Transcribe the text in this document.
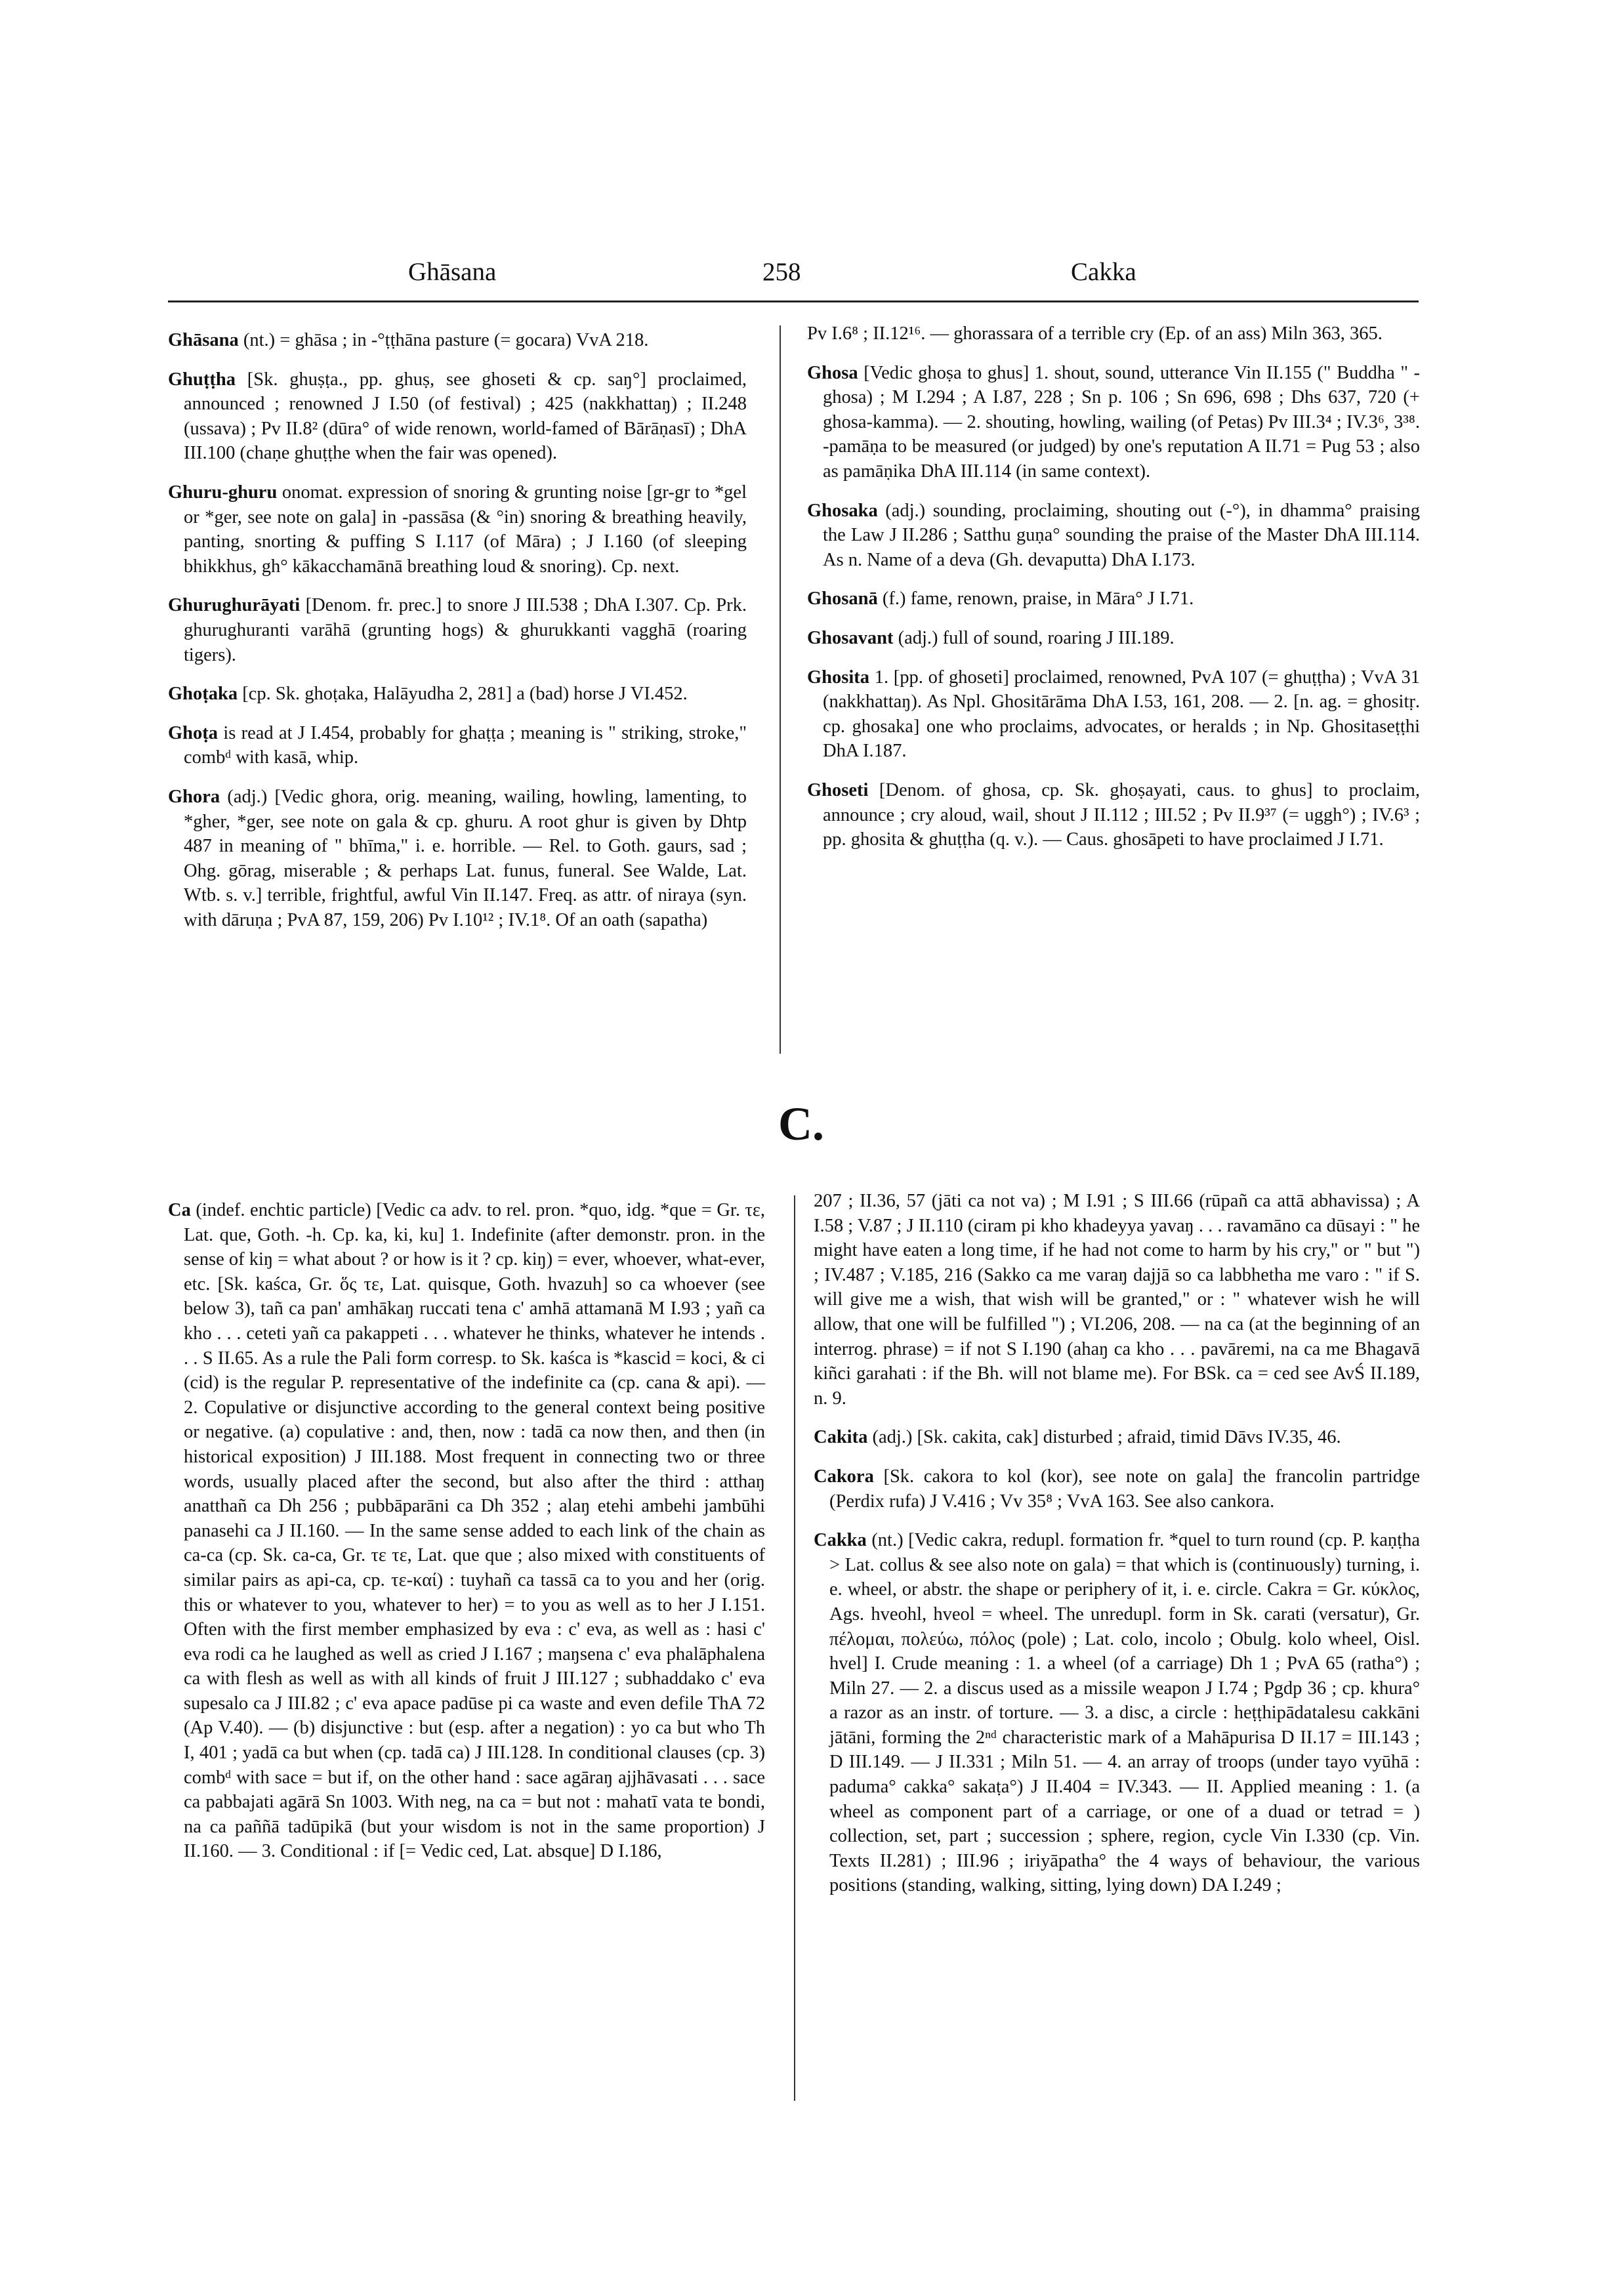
Ghāsana	258	Cakka

Ghāsana (nt.) = ghāsa ; in -°ṭṭhāna pasture (= gocara) VvA 218.

Ghuṭṭha [Sk. ghuṣṭa., pp. ghuṣ, see ghoseti & cp. saŋ°] proclaimed, announced ; renowned J I.50 (of festival) ; 425 (nakkhattaŋ) ; II.248 (ussava) ; Pv II.8² (dūra° of wide renown, world-famed of Bārāṇasī) ; DhA III.100 (chaṇe ghuṭṭhe when the fair was opened).

Ghuru-ghuru onomat. expression of snoring & grunting noise [gr-gr to *gel or *ger, see note on gala] in -passāsa (& °in) snoring & breathing heavily, panting, snorting & puffing S I.117 (of Māra) ; J I.160 (of sleeping bhikkhus, gh° kākacchamānā breathing loud & snoring). Cp. next.

Ghurughurāyati [Denom. fr. prec.] to snore J III.538 ; DhA I.307. Cp. Prk. ghurughuranti varāhā (grunting hogs) & ghurukkanti vagghā (roaring tigers).

Ghoṭaka [cp. Sk. ghoṭaka, Halāyudha 2, 281] a (bad) horse J VI.452.

Ghoṭa is read at J I.454, probably for ghaṭṭa ; meaning is " striking, stroke," combᵈ with kasā, whip.

Ghora (adj.) [Vedic ghora, orig. meaning, wailing, howling, lamenting, to *gher, *ger, see note on gala & cp. ghuru. A root ghur is given by Dhtp 487 in meaning of " bhīma," i. e. horrible. — Rel. to Goth. gaurs, sad ; Ohg. gōrag, miserable ; & perhaps Lat. funus, funeral. See Walde, Lat. Wtb. s. v.] terrible, frightful, awful Vin II.147. Freq. as attr. of niraya (syn. with dāruṇa ; PvA 87, 159, 206) Pv I.10¹² ; IV.1⁸. Of an oath (sapatha)

Pv I.6⁸ ; II.12¹⁶. — ghorassara of a terrible cry (Ep. of an ass) Miln 363, 365.

Ghosa [Vedic ghoṣa to ghus] 1. shout, sound, utterance Vin II.155 (" Buddha " -ghosa) ; M I.294 ; A I.87, 228 ; Sn p. 106 ; Sn 696, 698 ; Dhs 637, 720 (+ ghosa-kamma). — 2. shouting, howling, wailing (of Petas) Pv III.3⁴ ; IV.3⁶, 3³⁸. -pamāṇa to be measured (or judged) by one's reputation A II.71 = Pug 53 ; also as pamāṇika DhA III.114 (in same context).

Ghosaka (adj.) sounding, proclaiming, shouting out (-°), in dhamma° praising the Law J II.286 ; Satthu guṇa° sounding the praise of the Master DhA III.114. As n. Name of a deva (Gh. devaputta) DhA I.173.

Ghosanā (f.) fame, renown, praise, in Māra° J I.71.

Ghosavant (adj.) full of sound, roaring J III.189.

Ghosita 1. [pp. of ghoseti] proclaimed, renowned, PvA 107 (= ghuṭṭha) ; VvA 31 (nakkhattaŋ). As Npl. Ghositārāma DhA I.53, 161, 208. — 2. [n. ag. = ghositṛ. cp. ghosaka] one who proclaims, advocates, or heralds ; in Np. Ghositaseṭṭhi DhA I.187.

Ghoseti [Denom. of ghosa, cp. Sk. ghoṣayati, caus. to ghus] to proclaim, announce ; cry aloud, wail, shout J II.112 ; III.52 ; Pv II.9³⁷ (= uggh°) ; IV.6³ ; pp. ghosita & ghuṭṭha (q. v.). — Caus. ghosāpeti to have proclaimed J I.71.

C.

Ca (indef. enchtic particle) [Vedic ca adv. to rel. pron. *quo, idg. *que = Gr. τε, Lat. que, Goth. -h. Cp. ka, ki, ku] 1. Indefinite (after demonstr. pron. in the sense of kiŋ = what about ? or how is it ? cp. kiŋ) = ever, whoever, what-ever, etc. [Sk. kaśca, Gr. ὅς τε, Lat. quisque, Goth. hvazuh] so ca whoever (see below 3), tañ ca pan' amhākaŋ ruccati tena c' amhā attamanā M I.93 ; yañ ca kho . . . ceteti yañ ca pakappeti . . . whatever he thinks, whatever he intends . . . S II.65. As a rule the Pali form corresp. to Sk. kaśca is *kascid = koci, & ci (cid) is the regular P. representative of the indefinite ca (cp. cana & api). — 2. Copulative or disjunctive according to the general context being positive or negative. (a) copulative : and, then, now : tadā ca now then, and then (in historical exposition) J III.188. Most frequent in connecting two or three words, usually placed after the second, but also after the third : atthaŋ anatthañ ca Dh 256 ; pubbāparāni ca Dh 352 ; alaŋ etehi ambehi jambūhi panasehi ca J II.160. — In the same sense added to each link of the chain as ca-ca (cp. Sk. ca-ca, Gr. τε τε, Lat. que que ; also mixed with constituents of similar pairs as api-ca, cp. τε-καί) : tuyhañ ca tassā ca to you and her (orig. this or whatever to you, whatever to her) = to you as well as to her J I.151. Often with the first member emphasized by eva : c' eva, as well as : hasi c' eva rodi ca he laughed as well as cried J I.167 ; maŋsena c' eva phalāphalena ca with flesh as well as with all kinds of fruit J III.127 ; subhaddako c' eva supesalo ca J III.82 ; c' eva apace padūse pi ca waste and even defile ThA 72 (Ap V.40). — (b) disjunctive : but (esp. after a negation) : yo ca but who Th I, 401 ; yadā ca but when (cp. tadā ca) J III.128. In conditional clauses (cp. 3) combᵈ with sace = but if, on the other hand : sace agāraŋ ajjhāvasati . . . sace ca pabbajati agārā Sn 1003. With neg, na ca = but not : mahatī vata te bondi, na ca paññā tadūpikā (but your wisdom is not in the same proportion) J II.160. — 3. Conditional : if [= Vedic ced, Lat. absque] D I.186,

207 ; II.36, 57 (jāti ca not va) ; M I.91 ; S III.66 (rūpañ ca attā abhavissa) ; A I.58 ; V.87 ; J II.110 (ciram pi kho khadeyya yavaŋ . . . ravamāno ca dūsayi : " he might have eaten a long time, if he had not come to harm by his cry," or " but ") ; IV.487 ; V.185, 216 (Sakko ca me varaŋ dajjā so ca labbhetha me varo : " if S. will give me a wish, that wish will be granted," or : " whatever wish he will allow, that one will be fulfilled ") ; VI.206, 208. — na ca (at the beginning of an interrog. phrase) = if not S I.190 (ahaŋ ca kho . . . pavāremi, na ca me Bhagavā kiñci garahati : if the Bh. will not blame me). For BSk. ca = ced see AvŚ II.189, n. 9.

Cakita (adj.) [Sk. cakita, cak] disturbed ; afraid, timid Dāvs IV.35, 46.

Cakora [Sk. cakora to kol (kor), see note on gala] the francolin partridge (Perdix rufa) J V.416 ; Vv 35⁸ ; VvA 163. See also cankora.

Cakka (nt.) [Vedic cakra, redupl. formation fr. *quel to turn round (cp. P. kaṇṭha > Lat. collus & see also note on gala) = that which is (continuously) turning, i. e. wheel, or abstr. the shape or periphery of it, i. e. circle. Cakra = Gr. κύκλος, Ags. hveohl, hveol = wheel. The unredupl. form in Sk. carati (versatur), Gr. πέλομαι, πολεύω, πόλος (pole) ; Lat. colo, incolo ; Obulg. kolo wheel, Oisl. hvel] I. Crude meaning : 1. a wheel (of a carriage) Dh 1 ; PvA 65 (ratha°) ; Miln 27. — 2. a discus used as a missile weapon J I.74 ; Pgdp 36 ; cp. khura° a razor as an instr. of torture. — 3. a disc, a circle : heṭṭhipādatalesu cakkāni jātāni, forming the 2ⁿᵈ characteristic mark of a Mahāpurisa D II.17 = III.143 ; D III.149. — J II.331 ; Miln 51. — 4. an array of troops (under tayo vyūhā : paduma° cakka° sakaṭa°) J II.404 = IV.343. — II. Applied meaning : 1. (a wheel as component part of a carriage, or one of a duad or tetrad = ) collection, set, part ; succession ; sphere, region, cycle Vin I.330 (cp. Vin. Texts II.281) ; III.96 ; iriyāpatha° the 4 ways of behaviour, the various positions (standing, walking, sitting, lying down) DA I.249 ;
